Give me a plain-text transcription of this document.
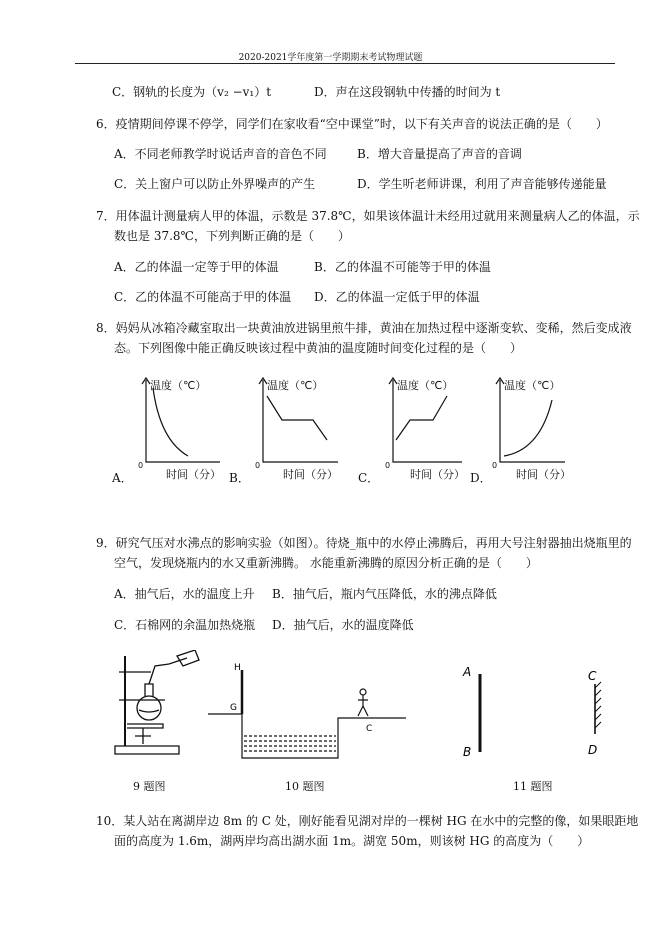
2020-2021学年度第一学期期末考试物理试题
C．钢轨的长度为（v₂ −v₁）t	D．声在这段钢轨中传播的时间为 t
6．疫情期间停课不停学，同学们在家收看“空中课堂”时，以下有关声音的说法正确的是（　　）
A．不同老师教学时说话声音的音色不同	B．增大音量提高了声音的音调
C．关上窗户可以防止外界噪声的产生	D．学生听老师讲课，利用了声音能够传递能量
7．用体温计测量病人甲的体温，示数是 37.8℃，如果该体温计未经用过就用来测量病人乙的体温，示
数也是 37.8℃，下列判断正确的是（　　）
A．乙的体温一定等于甲的体温	B．乙的体温不可能等于甲的体温
C．乙的体温不可能高于甲的体温 D．乙的体温一定低于甲的体温
8．妈妈从冰箱冷藏室取出一块黄油放进锅里煎牛排，黄油在加热过程中逐渐变软、变稀，然后变成液
态。下列图像中能正确反映该过程中黄油的温度随时间变化过程的是（　　）
温度（℃）	温度（℃）	温度（℃）	温度（℃）
时间（分）	时间（分）	时间（分）	时间（分）
0	0	0	0
A．	B．	C．	D．
9．研究气压对水沸点的影响实验（如图）。待烧_瓶中的水停止沸腾后，再用大号注射器抽出烧瓶里的
空气，发现烧瓶内的水又重新沸腾。 水能重新沸腾的原因分析正确的是（　　）
A．抽气后，水的温度上升 B．抽气后，瓶内气压降低，水的沸点降低
C．石棉网的余温加热烧瓶 D．抽气后，水的温度降低
9 题图
H
G
C
10 题图
A
B
C
D
11 题图
10．某人站在离湖岸边 8m 的 C 处，刚好能看见湖对岸的一棵树 HG 在水中的完整的像，如果眼距地
面的高度为 1.6m，湖两岸均高出湖水面 1m。湖宽 50m，则该树 HG 的高度为（　　）
